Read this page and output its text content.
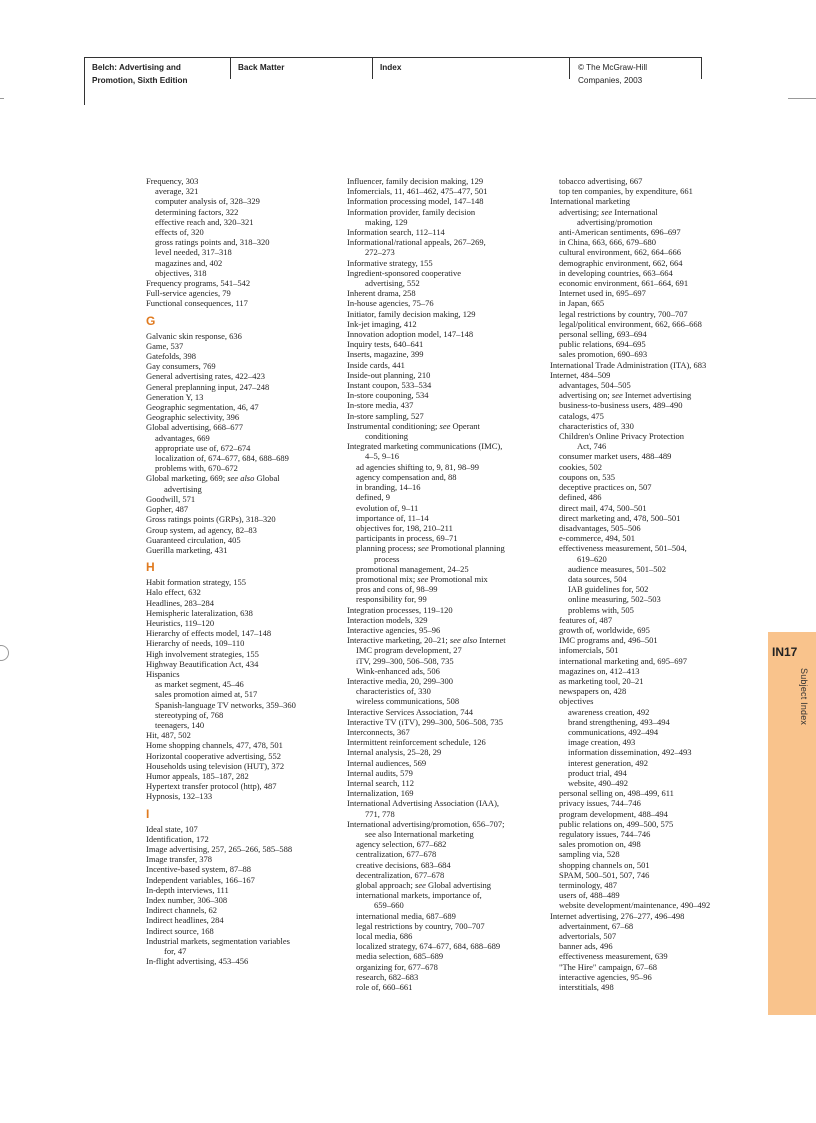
Belch: Advertising and
Promotion, Sixth Edition
Back Matter	Index	© The McGraw-Hill
Companies, 2003
Frequency, 303
average, 321
computer analysis of, 328–329
determining factors, 322
effective reach and, 320–321
effects of, 320
gross ratings points and, 318–320
level needed, 317–318
magazines and, 402
objectives, 318
Frequency programs, 541–542
Full-service agencies, 79
Functional consequences, 117
G
Galvanic skin response, 636
Game, 537
Gatefolds, 398
Gay consumers, 769
General advertising rates, 422–423
General preplanning input, 247–248
Generation Y, 13
Geographic segmentation, 46, 47
Geographic selectivity, 396
Global advertising, 668–677
advantages, 669
appropriate use of, 672–674
localization of, 674–677, 684, 688–689
problems with, 670–672
Global marketing, 669; see also Global
advertising
Goodwill, 571
Gopher, 487
Gross ratings points (GRPs), 318–320
Group system, ad agency, 82–83
Guaranteed circulation, 405
Guerilla marketing, 431
H
Habit formation strategy, 155
Halo effect, 632
Headlines, 283–284
Hemispheric lateralization, 638
Heuristics, 119–120
Hierarchy of effects model, 147–148
Hierarchy of needs, 109–110
High involvement strategies, 155
Highway Beautification Act, 434
Hispanics
as market segment, 45–46
sales promotion aimed at, 517
Spanish-language TV networks, 359–360
stereotyping of, 768
teenagers, 140
Hit, 487, 502
Home shopping channels, 477, 478, 501
Horizontal cooperative advertising, 552
Households using television (HUT), 372
Humor appeals, 185–187, 282
Hypertext transfer protocol (http), 487
Hypnosis, 132–133
I
Ideal state, 107
Identification, 172
Image advertising, 257, 265–266, 585–588
Image transfer, 378
Incentive-based system, 87–88
Independent variables, 166–167
In-depth interviews, 111
Index number, 306–308
Indirect channels, 62
Indirect headlines, 284
Indirect source, 168
Industrial markets, segmentation variables
for, 47
In-flight advertising, 453–456
Influencer, family decision making, 129
Infomercials, 11, 461–462, 475–477, 501
Information processing model, 147–148
Information provider, family decision
making, 129
Information search, 112–114
Informational/rational appeals, 267–269,
272–273
Informative strategy, 155
Ingredient-sponsored cooperative
advertising, 552
Inherent drama, 258
In-house agencies, 75–76
Initiator, family decision making, 129
Ink-jet imaging, 412
Innovation adoption model, 147–148
Inquiry tests, 640–641
Inserts, magazine, 399
Inside cards, 441
Inside-out planning, 210
Instant coupon, 533–534
In-store couponing, 534
In-store media, 437
In-store sampling, 527
Instrumental conditioning; see Operant
conditioning
Integrated marketing communications (IMC),
4–5, 9–16
ad agencies shifting to, 9, 81, 98–99
agency compensation and, 88
in branding, 14–16
defined, 9
evolution of, 9–11
importance of, 11–14
objectives for, 198, 210–211
participants in process, 69–71
planning process; see Promotional planning
process
promotional management, 24–25
promotional mix; see Promotional mix
pros and cons of, 98–99
responsibility for, 99
Integration processes, 119–120
Interaction models, 329
Interactive agencies, 95–96
Interactive marketing, 20–21; see also Internet
IMC program development, 27
iTV, 299–300, 506–508, 735
Wink-enhanced ads, 506
Interactive media, 20, 299–300
characteristics of, 330
wireless communications, 508
Interactive Services Association, 744
Interactive TV (iTV), 299–300, 506–508, 735
Interconnects, 367
Intermittent reinforcement schedule, 126
Internal analysis, 25–28, 29
Internal audiences, 569
Internal audits, 579
Internal search, 112
Internalization, 169
International Advertising Association (IAA),
771, 778
International advertising/promotion, 656–707;
see also International marketing
agency selection, 677–682
centralization, 677–678
creative decisions, 683–684
decentralization, 677–678
global approach; see Global advertising
international markets, importance of,
659–660
international media, 687–689
legal restrictions by country, 700–707
local media, 686
localized strategy, 674–677, 684, 688–689
media selection, 685–689
organizing for, 677–678
research, 682–683
role of, 660–661
tobacco advertising, 667
top ten companies, by expenditure, 661
International marketing
advertising; see International
advertising/promotion
anti-American sentiments, 696–697
in China, 663, 666, 679–680
cultural environment, 662, 664–666
demographic environment, 662, 664
in developing countries, 663–664
economic environment, 661–664, 691
Internet used in, 695–697
in Japan, 665
legal restrictions by country, 700–707
legal/political environment, 662, 666–668
personal selling, 693–694
public relations, 694–695
sales promotion, 690–693
International Trade Administration (ITA), 683
Internet, 484–509
advantages, 504–505
advertising on; see Internet advertising
business-to-business users, 489–490
catalogs, 475
characteristics of, 330
Children's Online Privacy Protection
Act, 746
consumer market users, 488–489
cookies, 502
coupons on, 535
deceptive practices on, 507
defined, 486
direct mail, 474, 500–501
direct marketing and, 478, 500–501
disadvantages, 505–506
e-commerce, 494, 501
effectiveness measurement, 501–504,
619–620
audience measures, 501–502
data sources, 504
IAB guidelines for, 502
online measuring, 502–503
problems with, 505
features of, 487
growth of, worldwide, 695
IMC programs and, 496–501
infomercials, 501
international marketing and, 695–697
magazines on, 412–413
as marketing tool, 20–21
newspapers on, 428
objectives
awareness creation, 492
brand strengthening, 493–494
communications, 492–494
image creation, 493
information dissemination, 492–493
interest generation, 492
product trial, 494
website, 490–492
personal selling on, 498–499, 611
privacy issues, 744–746
program development, 488–494
public relations on, 499–500, 575
regulatory issues, 744–746
sales promotion on, 498
sampling via, 528
shopping channels on, 501
SPAM, 500–501, 507, 746
terminology, 487
users of, 488–489
website development/maintenance, 490–492
Internet advertising, 276–277, 496–498
advertainment, 67–68
advertorials, 507
banner ads, 496
effectiveness measurement, 639
"The Hire" campaign, 67–68
interactive agencies, 95–96
interstitials, 498
IN17
Subject Index
